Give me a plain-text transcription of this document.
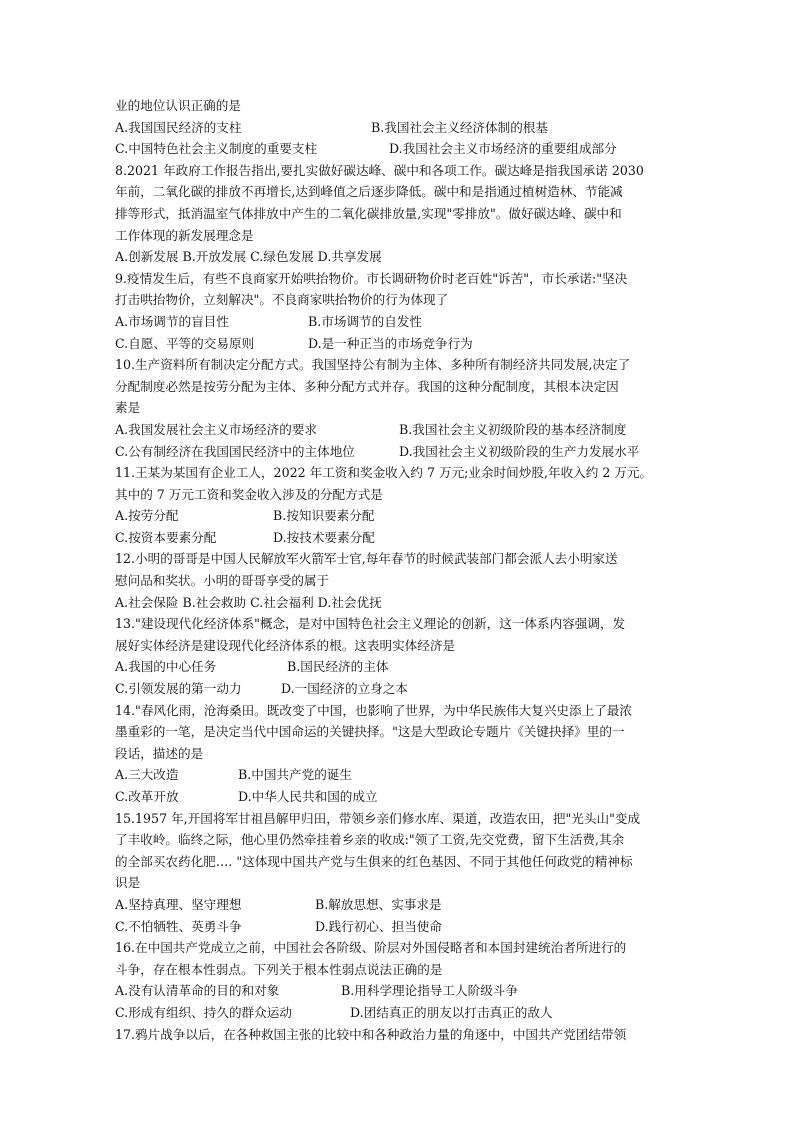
业的地位认识正确的是
A.我国国民经济的支柱	B.我国社会主义经济体制的根基
C.中国特色社会主义制度的重要支柱	D.我国社会主义市场经济的重要组成部分
8.2021 年政府工作报告指出,要扎实做好碳达峰、碳中和各项工作。碳达峰是指我国承诺 2030
年前，二氧化碳的排放不再增长,达到峰值之后逐步降低。碳中和是指通过植树造林、节能减
排等形式，抵消温室气体排放中产生的二氧化碳排放量,实现"零排放"。做好碳达峰、碳中和
工作体现的新发展理念是
A.创新发展 B.开放发展 C.绿色发展 D.共享发展
9.疫情发生后，有些不良商家开始哄抬物价。市长调研物价时老百姓"诉苦"，市长承诺:"坚决
打击哄抬物价，立刻解决"。不良商家哄抬物价的行为体现了
A.市场调节的盲目性	B.市场调节的自发性
C.自愿、平等的交易原则	D.是一种正当的市场竞争行为
10.生产资料所有制决定分配方式。我国坚持公有制为主体、多种所有制经济共同发展,决定了
分配制度必然是按劳分配为主体、多种分配方式并存。我国的这种分配制度，其根本决定因
素是
A.我国发展社会主义市场经济的要求	B.我国社会主义初级阶段的基本经济制度
C.公有制经济在我国国民经济中的主体地位	D.我国社会主义初级阶段的生产力发展水平
11.王某为某国有企业工人，2022 年工资和奖金收入约 7 万元;业余时间炒股,年收入约 2 万元。
其中的 7 万元工资和奖金收入涉及的分配方式是
A.按劳分配	B.按知识要素分配
C.按资本要素分配	D.按技术要素分配
12.小明的哥哥是中国人民解放军火箭军士官,每年春节的时候武装部门都会派人去小明家送
慰问品和奖状。小明的哥哥享受的属于
A.社会保险 B.社会救助 C.社会福利 D.社会优抚
13."建设现代化经济体系"概念，是对中国特色社会主义理论的创新，这一体系内容强调，发
展好实体经济是建设现代化经济体系的根。这表明实体经济是
A.我国的中心任务	B.国民经济的主体
C.引领发展的第一动力	D.一国经济的立身之本
14."春风化雨，沧海桑田。既改变了中国，也影响了世界，为中华民族伟大复兴史添上了最浓
墨重彩的一笔，是决定当代中国命运的关键抉择。"这是大型政论专题片《关键抉择》里的一
段话，描述的是
A.三大改造	B.中国共产党的诞生
C.改革开放	D.中华人民共和国的成立
15.1957 年,开国将军甘祖昌解甲归田，带领乡亲们修水库、渠道，改造农田，把"光头山"变成
了丰收岭。临终之际，他心里仍然牵挂着乡亲的收成:"领了工资,先交党费，留下生活费,其余
的全部买农药化肥…. "这体现中国共产党与生俱来的红色基因、不同于其他任何政党的精神标
识是
A.坚持真理、坚守理想	B.解放思想、实事求是
C.不怕牺牲、英勇斗争	D.践行初心、担当使命
16.在中国共产党成立之前，中国社会各阶级、阶层对外国侵略者和本国封建统治者所进行的
斗争，存在根本性弱点。下列关于根本性弱点说法正确的是
A.没有认清革命的目的和对象	B.用科学理论指导工人阶级斗争
C.形成有组织、持久的群众运动	D.团结真正的朋友以打击真正的敌人
17.鸦片战争以后，在各种救国主张的比较中和各种政治力量的角逐中，中国共产党团结带领
